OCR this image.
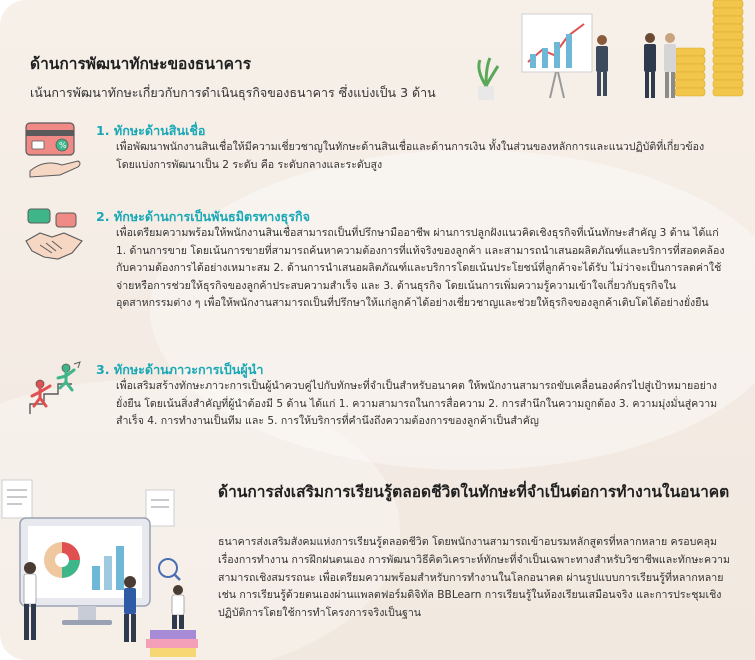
ด้านการพัฒนาทักษะของธนาคาร
เน้นการพัฒนาทักษะเกี่ยวกับการดำเนินธุรกิจของธนาคาร ซึ่งแบ่งเป็น 3 ด้าน
%
1. ทักษะด้านสินเชื่อ
เพื่อพัฒนาพนักงานสินเชื่อให้มีความเชี่ยวชาญในทักษะด้านสินเชื่อและด้านการเงิน ทั้งในส่วนของหลักการและแนวปฏิบัติที่เกี่ยวข้อง โดยแบ่งการพัฒนาเป็น 2 ระดับ คือ ระดับกลางและระดับสูง
2. ทักษะด้านการเป็นพันธมิตรทางธุรกิจ
เพื่อเตรียมความพร้อมให้พนักงานสินเชื่อสามารถเป็นที่ปรึกษามืออาชีพ ผ่านการปลูกฝังแนวคิดเชิงธุรกิจที่เน้นทักษะสำคัญ 3 ด้าน ได้แก่ 1. ด้านการขาย โดยเน้นการขายที่สามารถค้นหาความต้องการที่แท้จริงของลูกค้า และสามารถนำเสนอผลิตภัณฑ์และบริการที่สอดคล้องกับความต้องการได้อย่างเหมาะสม 2. ด้านการนำเสนอผลิตภัณฑ์และบริการโดยเน้นประโยชน์ที่ลูกค้าจะได้รับ ไม่ว่าจะเป็นการลดค่าใช้จ่ายหรือการช่วยให้ธุรกิจของลูกค้าประสบความสำเร็จ และ 3. ด้านธุรกิจ โดยเน้นการเพิ่มความรู้ความเข้าใจเกี่ยวกับธุรกิจในอุตสาหกรรมต่าง ๆ เพื่อให้พนักงานสามารถเป็นที่ปรึกษาให้แก่ลูกค้าได้อย่างเชี่ยวชาญและช่วยให้ธุรกิจของลูกค้าเติบโตได้อย่างยั่งยืน
3. ทักษะด้านภาวะการเป็นผู้นำ
เพื่อเสริมสร้างทักษะภาวะการเป็นผู้นำควบคู่ไปกับทักษะที่จำเป็นสำหรับอนาคต ให้พนักงานสามารถขับเคลื่อนองค์กรไปสู่เป้าหมายอย่างยั่งยืน โดยเน้นสิ่งสำคัญที่ผู้นำต้องมี 5 ด้าน ได้แก่ 1. ความสามารถในการสื่อความ 2. การสำนึกในความถูกต้อง 3. ความมุ่งมั่นสู่ความสำเร็จ 4. การทำงานเป็นทีม และ 5. การให้บริการที่คำนึงถึงความต้องการของลูกค้าเป็นสำคัญ
ด้านการส่งเสริมการเรียนรู้ตลอดชีวิตในทักษะที่จำเป็นต่อการทำงานในอนาคต
ธนาคารส่งเสริมสังคมแห่งการเรียนรู้ตลอดชีวิต โดยพนักงานสามารถเข้าอบรมหลักสูตรที่หลากหลาย ครอบคลุมเรื่องการทำงาน การฝึกฝนตนเอง การพัฒนาวิธีคิดวิเคราะห์ทักษะที่จำเป็นเฉพาะทางสำหรับวิชาชีพและทักษะความสามารถเชิงสมรรถนะ เพื่อเตรียมความพร้อมสำหรับการทำงานในโลกอนาคต ผ่านรูปแบบการเรียนรู้ที่หลากหลาย เช่น การเรียนรู้ด้วยตนเองผ่านแพลตฟอร์มดิจิทัล BBLearn การเรียนรู้ในห้องเรียนเสมือนจริง และการประชุมเชิงปฏิบัติการโดยใช้การทำโครงการจริงเป็นฐาน
